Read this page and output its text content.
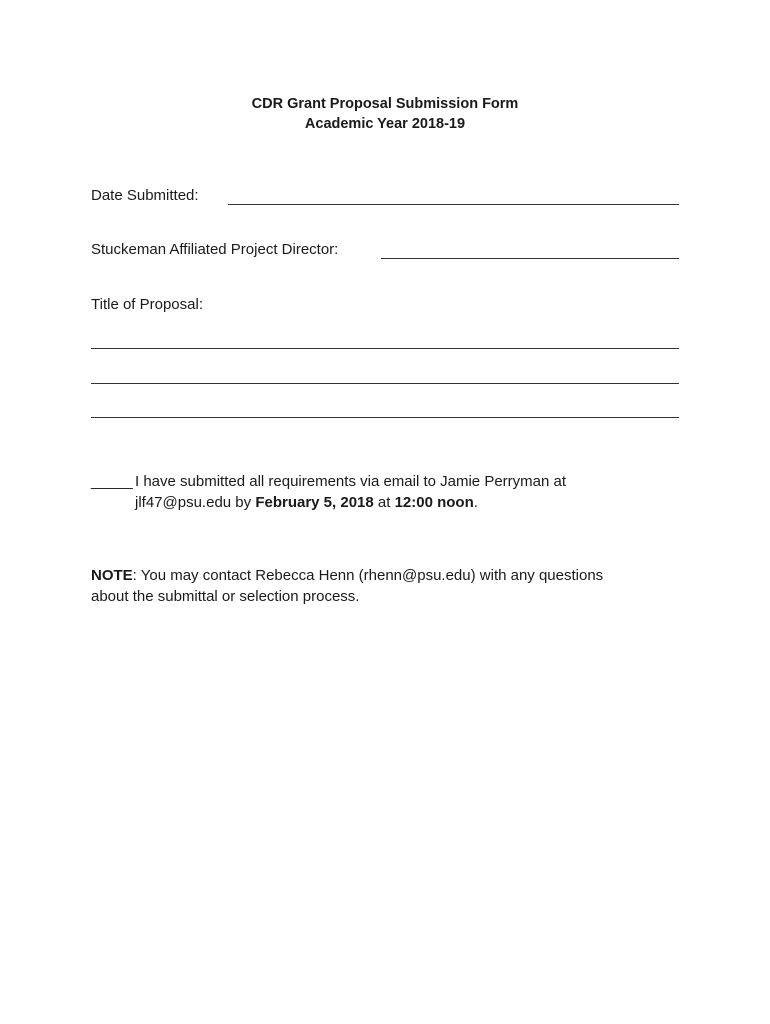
CDR Grant Proposal Submission Form
Academic Year 2018-19
Date Submitted:
Stuckeman Affiliated Project Director:
Title of Proposal:
_____ I have submitted all requirements via email to Jamie Perryman at
jlf47@psu.edu by February 5, 2018 at 12:00 noon.
NOTE: You may contact Rebecca Henn (rhenn@psu.edu) with any questions
about the submittal or selection process.
